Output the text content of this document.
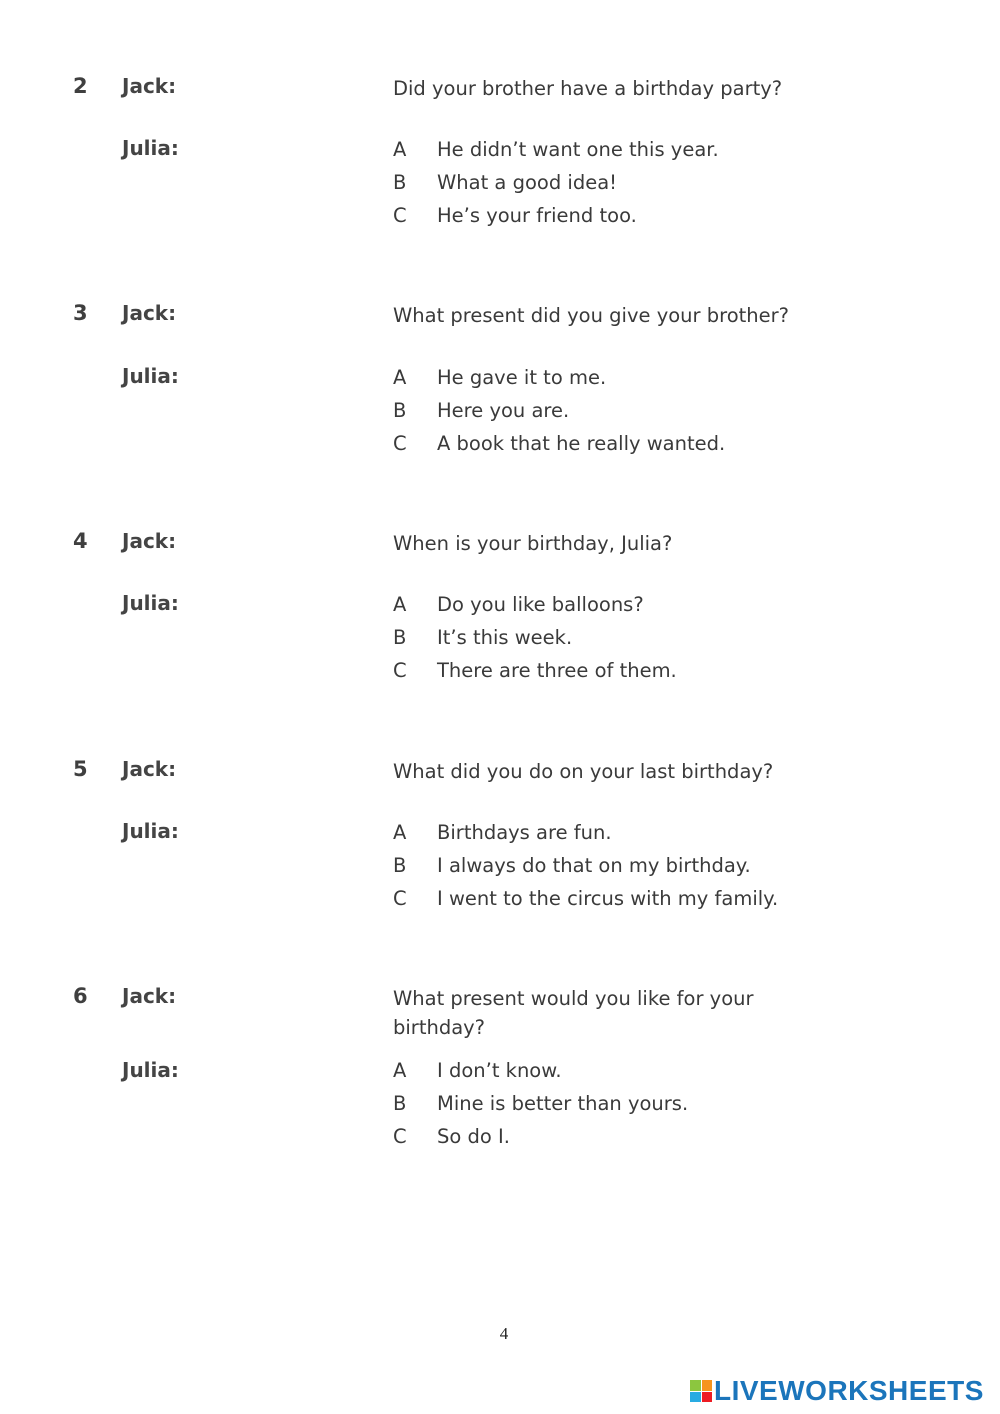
2 Jack:	Did your brother have a birthday party?
Julia:	A He didn’t want one this year.
B What a good idea!
C He’s your friend too.
3 Jack:	What present did you give your brother?
Julia:	A He gave it to me.
B Here you are.
C A book that he really wanted.
4 Jack:	When is your birthday, Julia?
Julia:	A Do you like balloons?
B It’s this week.
C There are three of them.
5 Jack:	What did you do on your last birthday?
Julia:	A Birthdays are fun.
B I always do that on my birthday.
C I went to the circus with my family.
6 Jack:	What present would you like for your birthday?
Julia:	A I don’t know.
B Mine is better than yours.
C So do I.
4
LIVEWORKSHEETS
